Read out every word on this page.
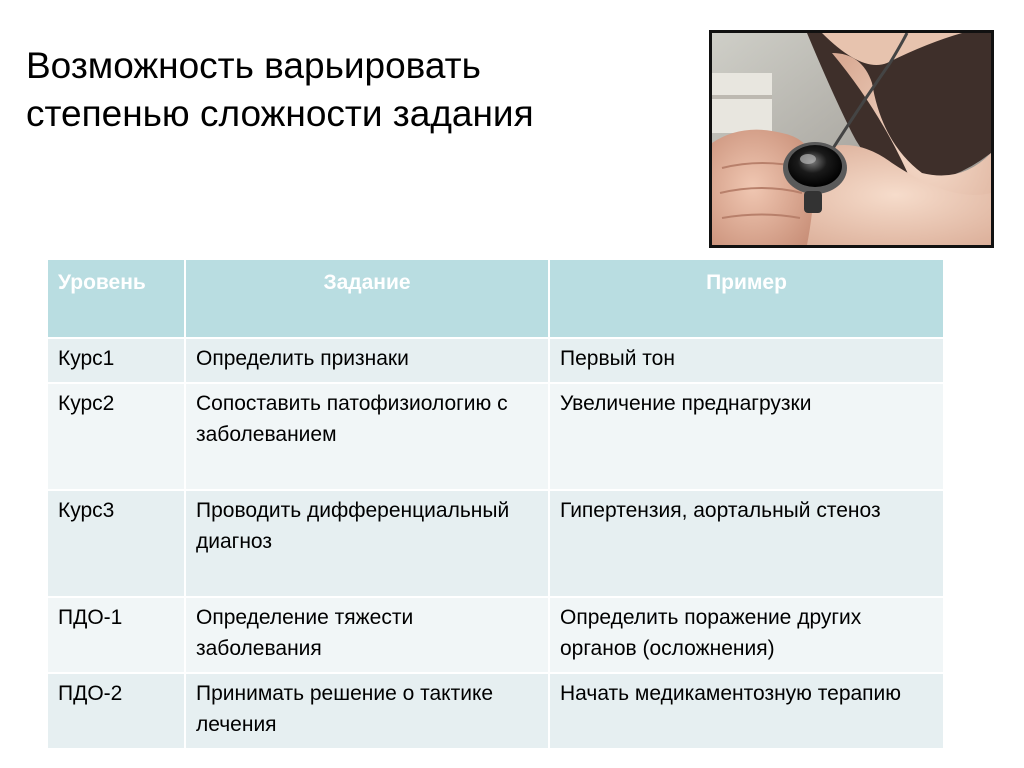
Возможность варьировать
степенью сложности задания
Уровень	Задание	Пример
Курс1	Определить признаки	Первый тон
Курс2	Сопоставить патофизиологию с заболеванием	Увеличение преднагрузки
Курс3	Проводить дифференциальный диагноз	Гипертензия, аортальный стеноз
ПДО-1	Определение тяжести заболевания	Определить поражение других органов (осложнения)
ПДО-2	Принимать решение о тактике лечения	Начать медикаментозную терапию
